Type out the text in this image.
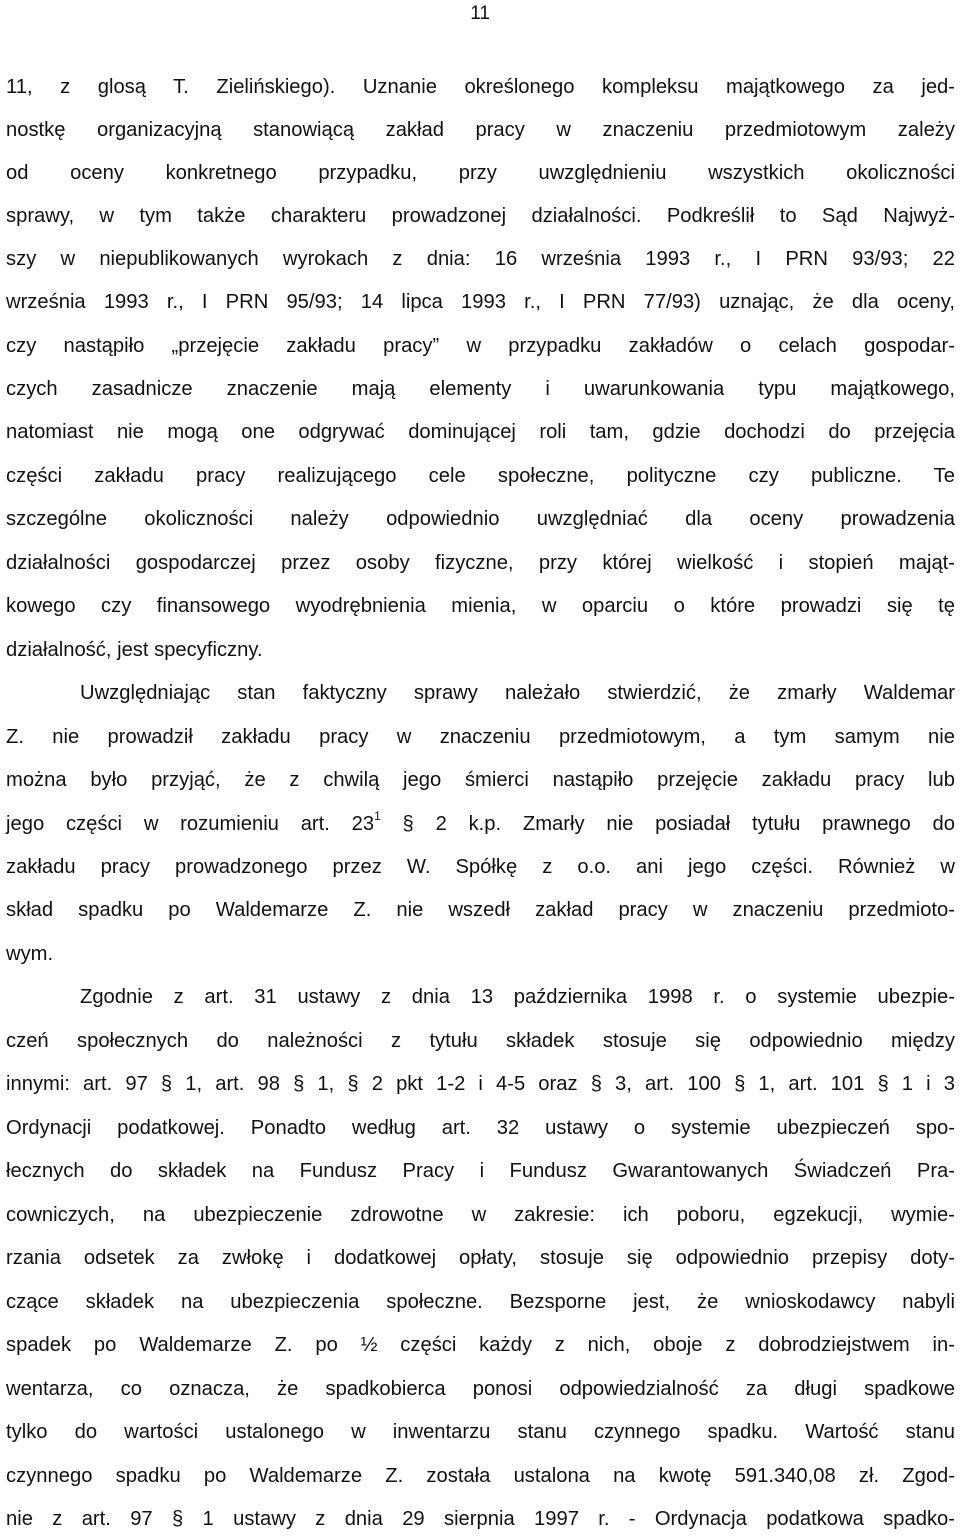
11
11, z glosą T. Zielińskiego). Uznanie określonego kompleksu majątkowego za jed-
nostkę organizacyjną stanowiącą zakład pracy w znaczeniu przedmiotowym zależy
od oceny konkretnego przypadku, przy uwzględnieniu wszystkich okoliczności
sprawy, w tym także charakteru prowadzonej działalności. Podkreślił to Sąd Najwyż-
szy w niepublikowanych wyrokach z dnia: 16 września 1993 r., I PRN 93/93; 22
września 1993 r., I PRN 95/93; 14 lipca 1993 r., I PRN 77/93) uznając, że dla oceny,
czy nastąpiło „przejęcie zakładu pracy” w przypadku zakładów o celach gospodar-
czych zasadnicze znaczenie mają elementy i uwarunkowania typu majątkowego,
natomiast nie mogą one odgrywać dominującej roli tam, gdzie dochodzi do przejęcia
części zakładu pracy realizującego cele społeczne, polityczne czy publiczne. Te
szczególne okoliczności należy odpowiednio uwzględniać dla oceny prowadzenia
działalności gospodarczej przez osoby fizyczne, przy której wielkość i stopień mająt-
kowego czy finansowego wyodrębnienia mienia, w oparciu o które prowadzi się tę
działalność, jest specyficzny.
Uwzględniając stan faktyczny sprawy należało stwierdzić, że zmarły Waldemar
Z. nie prowadził zakładu pracy w znaczeniu przedmiotowym, a tym samym nie
można było przyjąć, że z chwilą jego śmierci nastąpiło przejęcie zakładu pracy lub
jego części w rozumieniu art. $23^1$ § 2 k.p. Zmarły nie posiadał tytułu prawnego do
zakładu pracy prowadzonego przez W. Spółkę z o.o. ani jego części. Również w
skład spadku po Waldemarze Z. nie wszedł zakład pracy w znaczeniu przedmioto-
wym.
Zgodnie z art. 31 ustawy z dnia 13 października 1998 r. o systemie ubezpie-
czeń społecznych do należności z tytułu składek stosuje się odpowiednio między
innymi: art. 97 § 1, art. 98 § 1, § 2 pkt 1-2 i 4-5 oraz § 3, art. 100 § 1, art. 101 § 1 i 3
Ordynacji podatkowej. Ponadto według art. 32 ustawy o systemie ubezpieczeń spo-
łecznych do składek na Fundusz Pracy i Fundusz Gwarantowanych Świadczeń Pra-
cowniczych, na ubezpieczenie zdrowotne w zakresie: ich poboru, egzekucji, wymie-
rzania odsetek za zwłokę i dodatkowej opłaty, stosuje się odpowiednio przepisy doty-
czące składek na ubezpieczenia społeczne. Bezsporne jest, że wnioskodawcy nabyli
spadek po Waldemarze Z. po ½ części każdy z nich, oboje z dobrodziejstwem in-
wentarza, co oznacza, że spadkobierca ponosi odpowiedzialność za długi spadkowe
tylko do wartości ustalonego w inwentarzu stanu czynnego spadku. Wartość stanu
czynnego spadku po Waldemarze Z. została ustalona na kwotę 591.340,08 zł. Zgod-
nie z art. 97 § 1 ustawy z dnia 29 sierpnia 1997 r. - Ordynacja podatkowa spadko-
